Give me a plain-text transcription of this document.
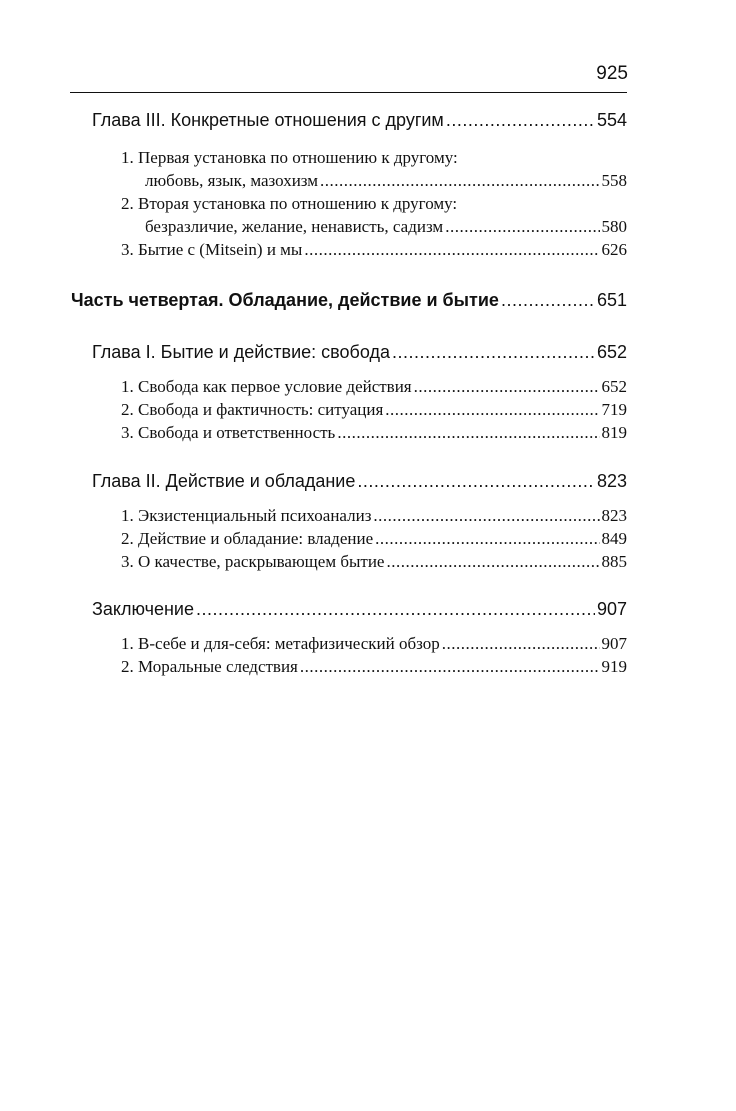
925
Глава III. Конкретные отношения с другим .....	554
1. Первая установка по отношению к другому:
любовь, язык, мазохизм .....	558
2. Вторая установка по отношению к другому:
безразличие, желание, ненависть, садизм .....	580
3. Бытие с (Mitsein) и мы .....	626
Часть четвертая. Обладание, действие и бытие .....	651
Глава I. Бытие и действие: свобода .....	652
1. Свобода как первое условие действия .....	652
2. Свобода и фактичность: ситуация .....	719
3. Свобода и ответственность .....	819
Глава II. Действие и обладание .....	823
1. Экзистенциальный психоанализ .....	823
2. Действие и обладание: владение .....	849
3. О качестве, раскрывающем бытие .....	885
Заключение .....	907
1. В-себе и для-себя: метафизический обзор .....	907
2. Моральные следствия .....	919
